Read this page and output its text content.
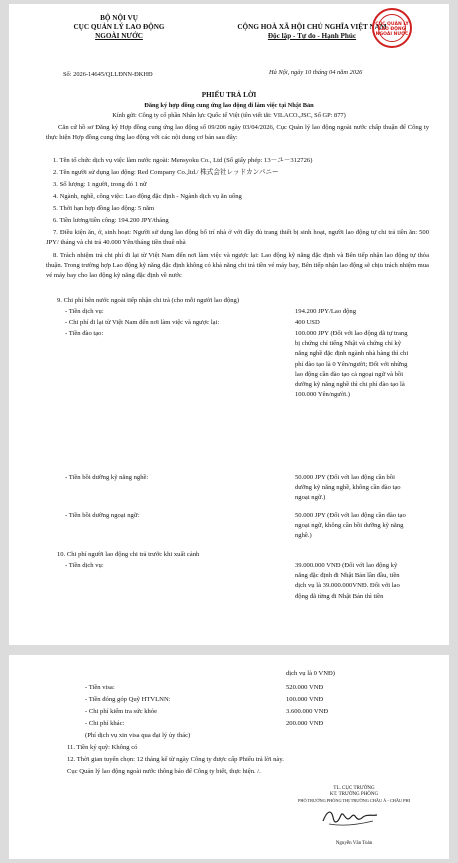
BỘ NỘI VỤ
CỤC QUẢN LÝ LAO ĐỘNG
NGOÀI NƯỚC
CỘNG HOÀ XÃ HỘI CHỦ NGHĨA VIỆT NAM
Độc lập - Tự do - Hạnh Phúc
CỤC QUẢN LÝ
LAO ĐỘNG
NGOÀI NƯỚC
Số: 2026-14645/QLLĐNN-ĐKHĐ	Hà Nội, ngày 10 tháng 04 năm 2026
PHIẾU TRẢ LỜI
Đăng ký hợp đồng cung ứng lao động đi làm việc tại Nhật Bản
Kính gửi: Công ty cổ phần Nhân lực Quốc tế Việt (tên viết tắt: VILACO.,JSC, Số GP: 877)
Căn cứ hồ sơ Đăng ký Hợp đồng cung ứng lao động số 09/206 ngày 03/04/2026, Cục Quản lý lao động ngoài nước chấp thuận để Công ty thực hiện Hợp đồng cung ứng lao động với các nội dung cơ bản sau đây:
1. Tên tổ chức dịch vụ việc làm nước ngoài: Mensyoku Co., Ltd (Số giấy phép: 13－ユ－312726)
2. Tên người sử dụng lao động: Red Company Co.,ltd./ 株式会社レッドカンパニー
3. Số lượng: 1 người, trong đó 1 nữ
4. Ngành, nghề, công việc: Lao động đặc định - Ngành dịch vụ ăn uống
5. Thời hạn hợp đồng lao động: 5 năm
6. Tiền lương/tiền công: 194.200 JPY/tháng
7. Điều kiện ăn, ở, sinh hoạt: Người sử dụng lao động bố trí nhà ở với đầy đủ trang thiết bị sinh hoạt, người lao động tự chi trả tiền ăn: 500 JPY/ tháng và chi trả 40.000 Yên/tháng tiền thuê nhà
8. Trách nhiệm trả chi phí đi lại từ Việt Nam đến nơi làm việc và ngược lại: Lao động kỹ năng đặc định và Bên tiếp nhận lao động tự thỏa thuận. Trong trường hợp Lao động kỹ năng đặc định không có khả năng chi trả tiền vé máy bay, Bên tiếp nhận lao động sẽ chịu trách nhiệm mua vé máy bay cho lao động kỹ năng đặc định về nước
9. Chi phí bên nước ngoài tiếp nhận chi trả (cho mỗi người lao động)
- Tiền dịch vụ:	194.200 JPY/Lao động
- Chi phí đi lại từ Việt Nam đến nơi làm việc và ngược lại:	400 USD
- Tiền đào tạo:	100.000 JPY (Đối với lao động đã tự trang bị chứng chỉ tiếng Nhật và chứng chỉ kỹ năng nghề đặc định ngành nhà hàng thì chi phí đào tạo là 0 Yên/người; Đối với những lao động cần đào tạo cả ngoại ngữ và bồi dưỡng kỹ năng nghề thì chi phí đào tạo là 100.000 Yên/người.)
- Tiền bồi dưỡng kỹ năng nghề:	50.000 JPY (Đối với lao động cần bồi dưỡng kỹ năng nghề, không cần đào tạo ngoại ngữ.)
- Tiền bồi dưỡng ngoại ngữ:	50.000 JPY (Đối với lao động cần đào tạo ngoại ngữ, không cần bồi dưỡng kỹ năng nghề.)
10. Chi phí người lao động chi trả trước khi xuất cảnh
- Tiền dịch vụ:	39.000.000 VNĐ (Đối với lao động kỹ năng đặc định đi Nhật Bản lần đầu, tiền dịch vụ là 39.000.000VNĐ. Đối với lao động đã từng đi Nhật Bản thì tiền
dịch vụ là 0 VNĐ)
- Tiền visa:	520.000 VNĐ
- Tiền đóng góp Quỹ HTVLNN:	100.000 VNĐ
- Chi phí kiểm tra sức khỏe	3.600.000 VNĐ
- Chi phí khác:	200.000 VNĐ
(Phí dịch vụ xin visa qua đại lý ủy thác)
11. Tiền ký quỹ: Không có
12. Thời gian tuyển chọn: 12 tháng kể từ ngày Công ty được cấp Phiếu trả lời này.
Cục Quản lý lao động ngoài nước thông báo để Công ty biết, thực hiện. /.
TL. CỤC TRƯỞNG
KT. TRƯỞNG PHÒNG
PHÓ TRƯỞNG PHÒNG THỊ TRƯỜNG CHÂU Á - CHÂU PHI
Nguyễn Văn Toản
